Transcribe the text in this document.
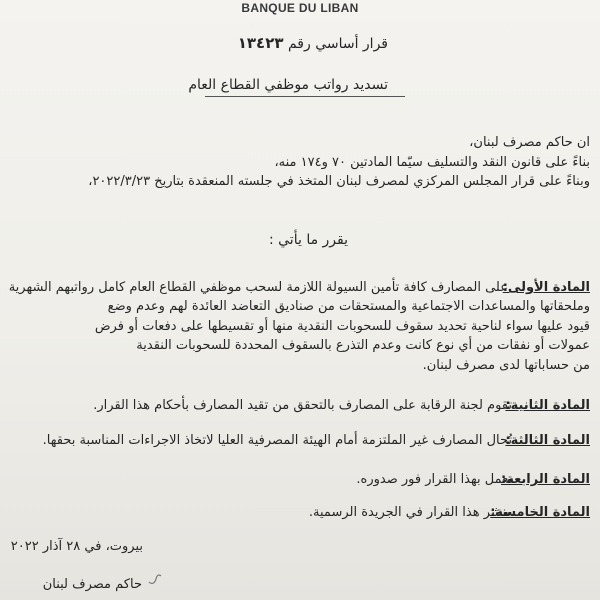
BANQUE DU LIBAN
قرار أساسي رقم ١٣٤٢٣
تسديد رواتب موظفي القطاع العام
ان حاكم مصرف لبنان،
بناءً على قانون النقد والتسليف سيّما المادتين ٧٠ و١٧٤ منه،
وبناءً على قرار المجلس المركزي لمصرف لبنان المتخذ في جلسته المنعقدة بتاريخ ٢٠٢٢/٣/٢٣،
يقرر ما يأتي :
المادة الأولى:
على المصارف كافة تأمين السيولة اللازمة لسحب موظفي القطاع العام كامل رواتبهم الشهرية
وملحقاتها والمساعدات الاجتماعية والمستحقات من صناديق التعاضد العائدة لهم وعدم وضع
قيود عليها سواء لناحية تحديد سقوف للسحوبات النقدية منها أو تقسيطها على دفعات أو فرض
عمولات أو نفقات من أي نوع كانت وعدم التذرع بالسقوف المحددة للسحوبات النقدية
من حساباتها لدى مصرف لبنان.
المادة الثانية:
تقوم لجنة الرقابة على المصارف بالتحقق من تقيد المصارف بأحكام هذا القرار.
المادة الثالثة:
تُحال المصارف غير الملتزمة أمام الهيئة المصرفية العليا لاتخاذ الاجراءات المناسبة بحقها.
المادة الرابعة:
يعمل بهذا القرار فور صدوره.
المادة الخامسة:
ينشر هذا القرار في الجريدة الرسمية.
بيروت، في ٢٨ آذار ٢٠٢٢
حاكم مصرف لبنان
